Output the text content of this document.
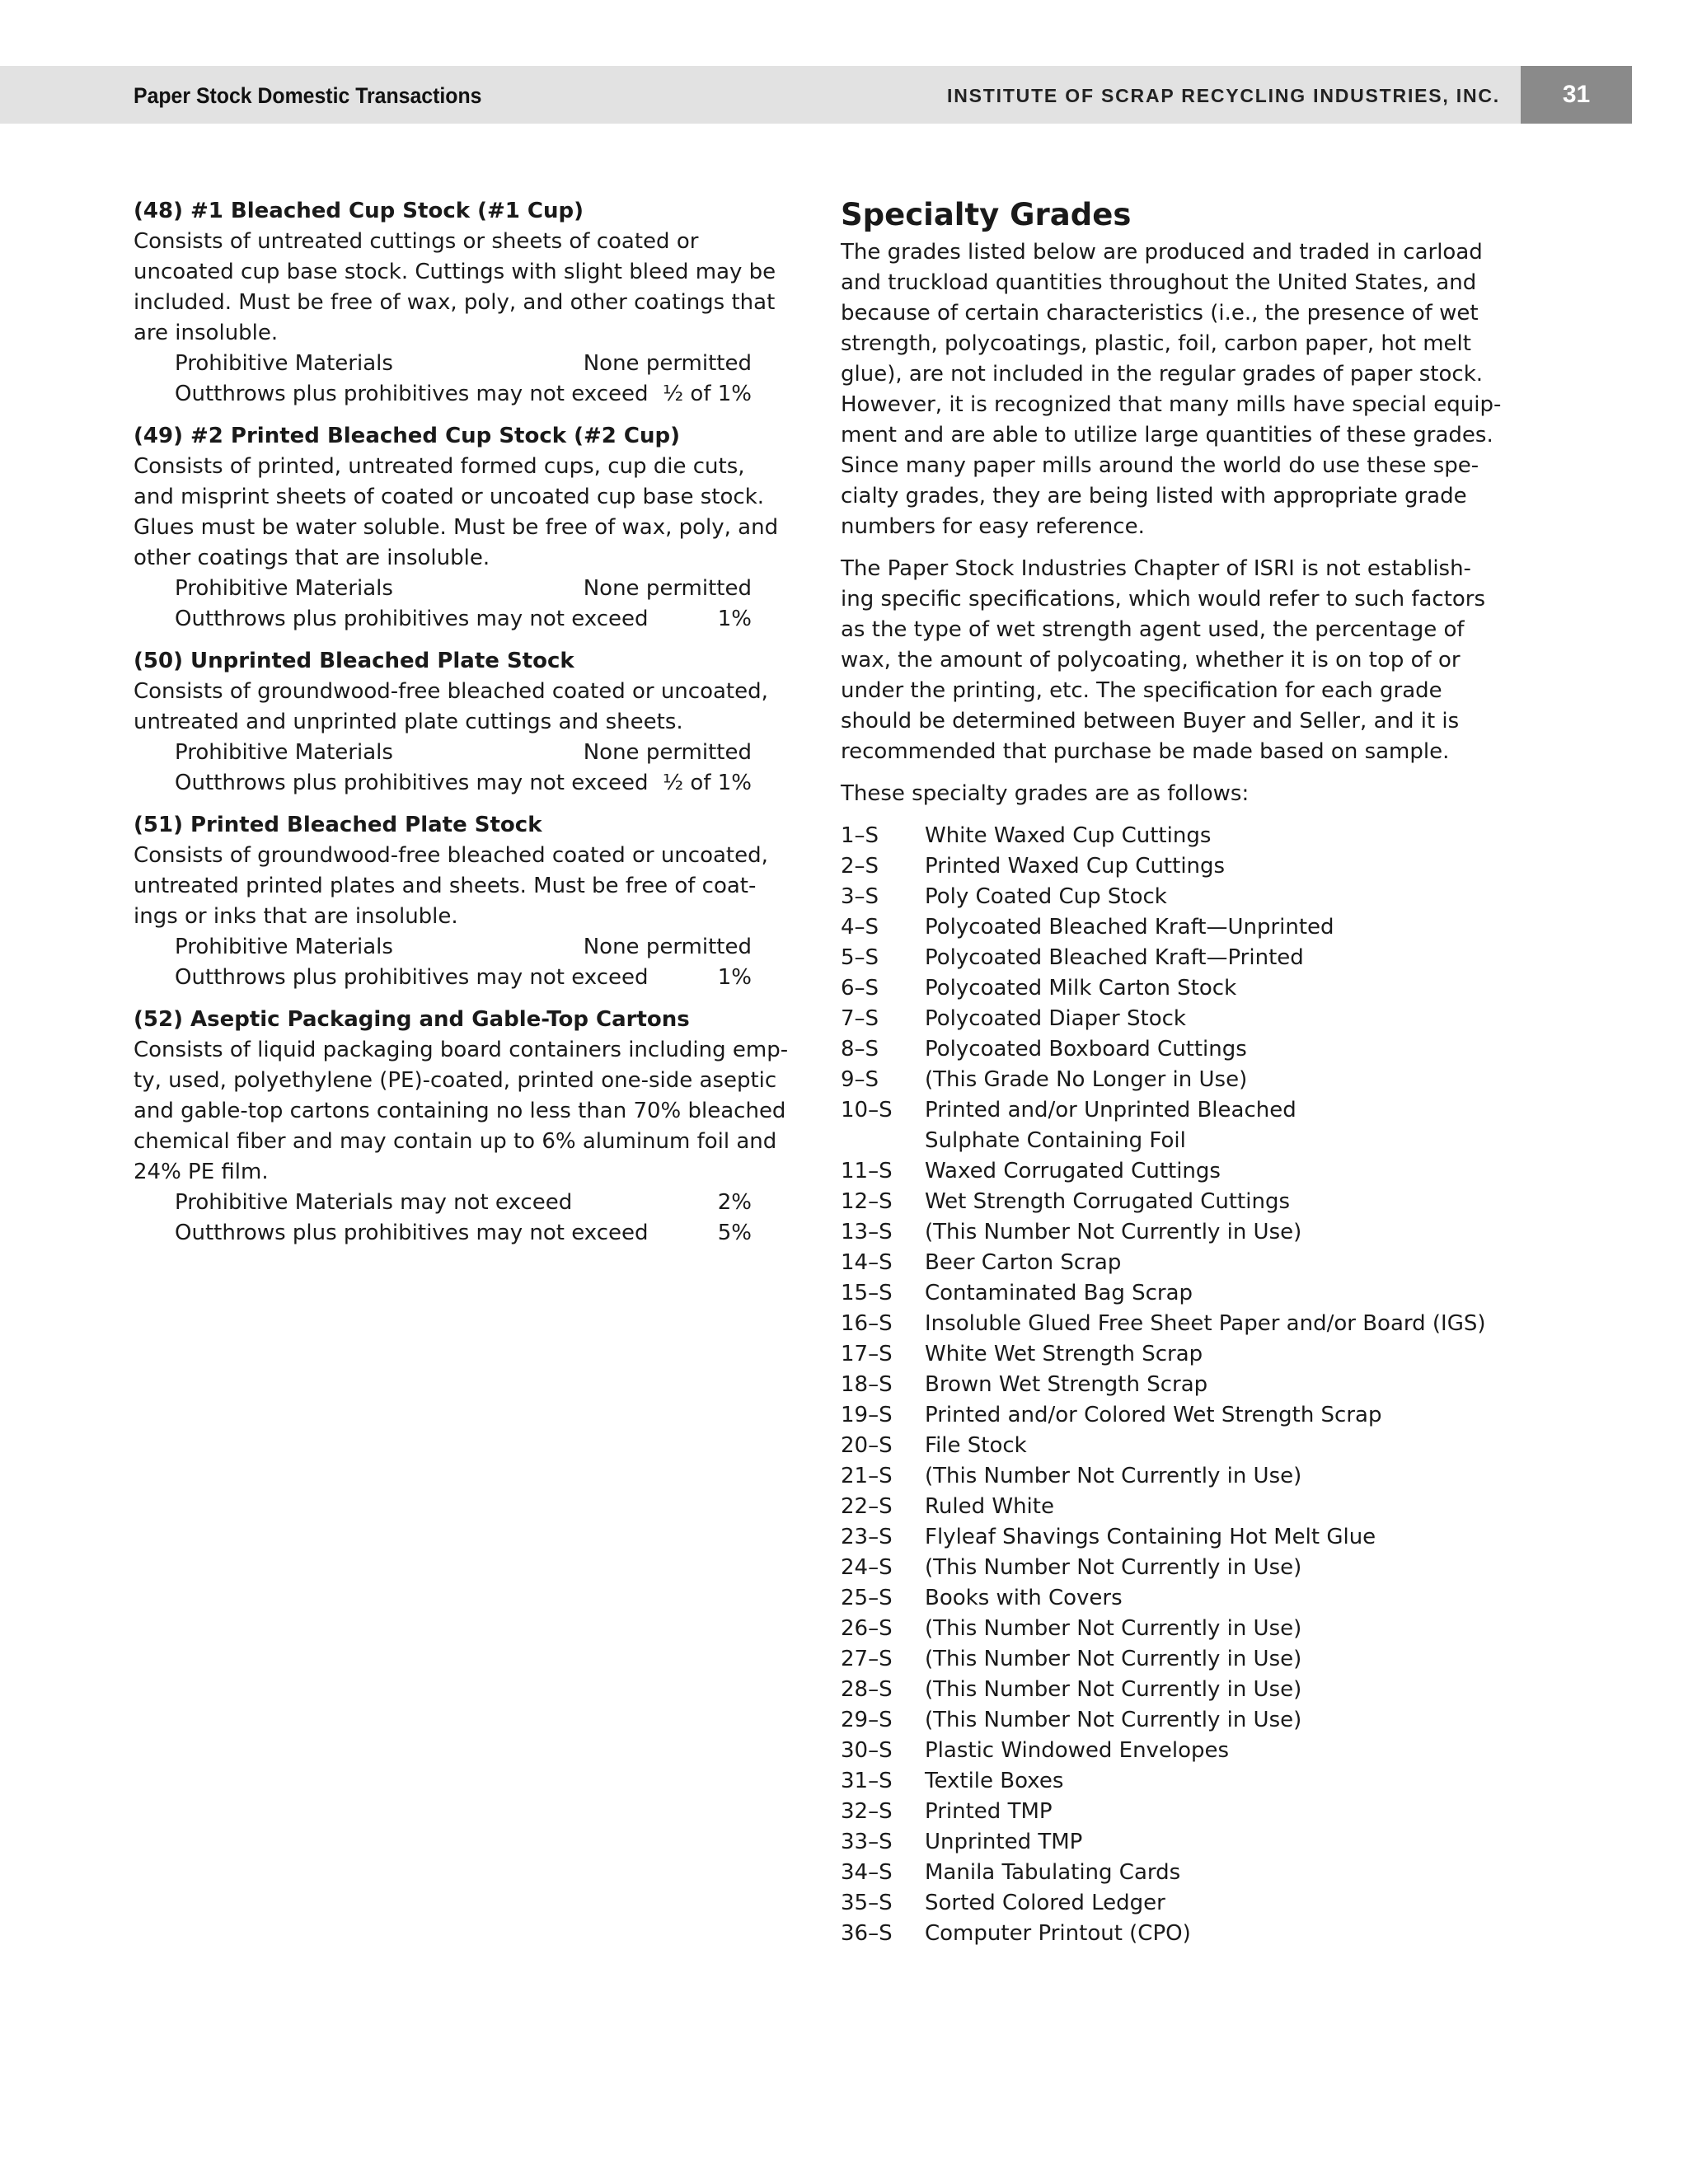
Paper Stock Domestic Transactions	INSTITUTE OF SCRAP RECYCLING INDUSTRIES, INC.	31
(48) #1 Bleached Cup Stock (#1 Cup)
Consists of untreated cuttings or sheets of coated or
uncoated cup base stock. Cuttings with slight bleed may be
included. Must be free of wax, poly, and other coatings that
are insoluble.
Prohibitive Materials	None permitted
Outthrows plus prohibitives may not exceed ½ of 1%
(49) #2 Printed Bleached Cup Stock (#2 Cup)
Consists of printed, untreated formed cups, cup die cuts,
and misprint sheets of coated or uncoated cup base stock.
Glues must be water soluble. Must be free of wax, poly, and
other coatings that are insoluble.
Prohibitive Materials	None permitted
Outthrows plus prohibitives may not exceed	1%
(50) Unprinted Bleached Plate Stock
Consists of groundwood-free bleached coated or uncoated,
untreated and unprinted plate cuttings and sheets.
Prohibitive Materials	None permitted
Outthrows plus prohibitives may not exceed ½ of 1%
(51) Printed Bleached Plate Stock
Consists of groundwood-free bleached coated or uncoated,
untreated printed plates and sheets. Must be free of coat-
ings or inks that are insoluble.
Prohibitive Materials	None permitted
Outthrows plus prohibitives may not exceed	1%
(52) Aseptic Packaging and Gable-Top Cartons
Consists of liquid packaging board containers including emp-
ty, used, polyethylene (PE)-coated, printed one-side aseptic
and gable-top cartons containing no less than 70% bleached
chemical fiber and may contain up to 6% aluminum foil and
24% PE film.
Prohibitive Materials may not exceed	2%
Outthrows plus prohibitives may not exceed	5%
Specialty Grades
The grades listed below are produced and traded in carload
and truckload quantities throughout the United States, and
because of certain characteristics (i.e., the presence of wet
strength, polycoatings, plastic, foil, carbon paper, hot melt
glue), are not included in the regular grades of paper stock.
However, it is recognized that many mills have special equip-
ment and are able to utilize large quantities of these grades.
Since many paper mills around the world do use these spe-
cialty grades, they are being listed with appropriate grade
numbers for easy reference.
The Paper Stock Industries Chapter of ISRI is not establish-
ing specific specifications, which would refer to such factors
as the type of wet strength agent used, the percentage of
wax, the amount of polycoating, whether it is on top of or
under the printing, etc. The specification for each grade
should be determined between Buyer and Seller, and it is
recommended that purchase be made based on sample.
These specialty grades are as follows:
1–S	White Waxed Cup Cuttings
2–S	Printed Waxed Cup Cuttings
3–S	Poly Coated Cup Stock
4–S	Polycoated Bleached Kraft—Unprinted
5–S	Polycoated Bleached Kraft—Printed
6–S	Polycoated Milk Carton Stock
7–S	Polycoated Diaper Stock
8–S	Polycoated Boxboard Cuttings
9–S	(This Grade No Longer in Use)
10–S	Printed and/or Unprinted Bleached
Sulphate Containing Foil
11–S	Waxed Corrugated Cuttings
12–S	Wet Strength Corrugated Cuttings
13–S	(This Number Not Currently in Use)
14–S	Beer Carton Scrap
15–S	Contaminated Bag Scrap
16–S	Insoluble Glued Free Sheet Paper and/or Board (IGS)
17–S	White Wet Strength Scrap
18–S	Brown Wet Strength Scrap
19–S	Printed and/or Colored Wet Strength Scrap
20–S	File Stock
21–S	(This Number Not Currently in Use)
22–S	Ruled White
23–S	Flyleaf Shavings Containing Hot Melt Glue
24–S	(This Number Not Currently in Use)
25–S	Books with Covers
26–S	(This Number Not Currently in Use)
27–S	(This Number Not Currently in Use)
28–S	(This Number Not Currently in Use)
29–S	(This Number Not Currently in Use)
30–S	Plastic Windowed Envelopes
31–S	Textile Boxes
32–S	Printed TMP
33–S	Unprinted TMP
34–S	Manila Tabulating Cards
35–S	Sorted Colored Ledger
36–S	Computer Printout (CPO)
